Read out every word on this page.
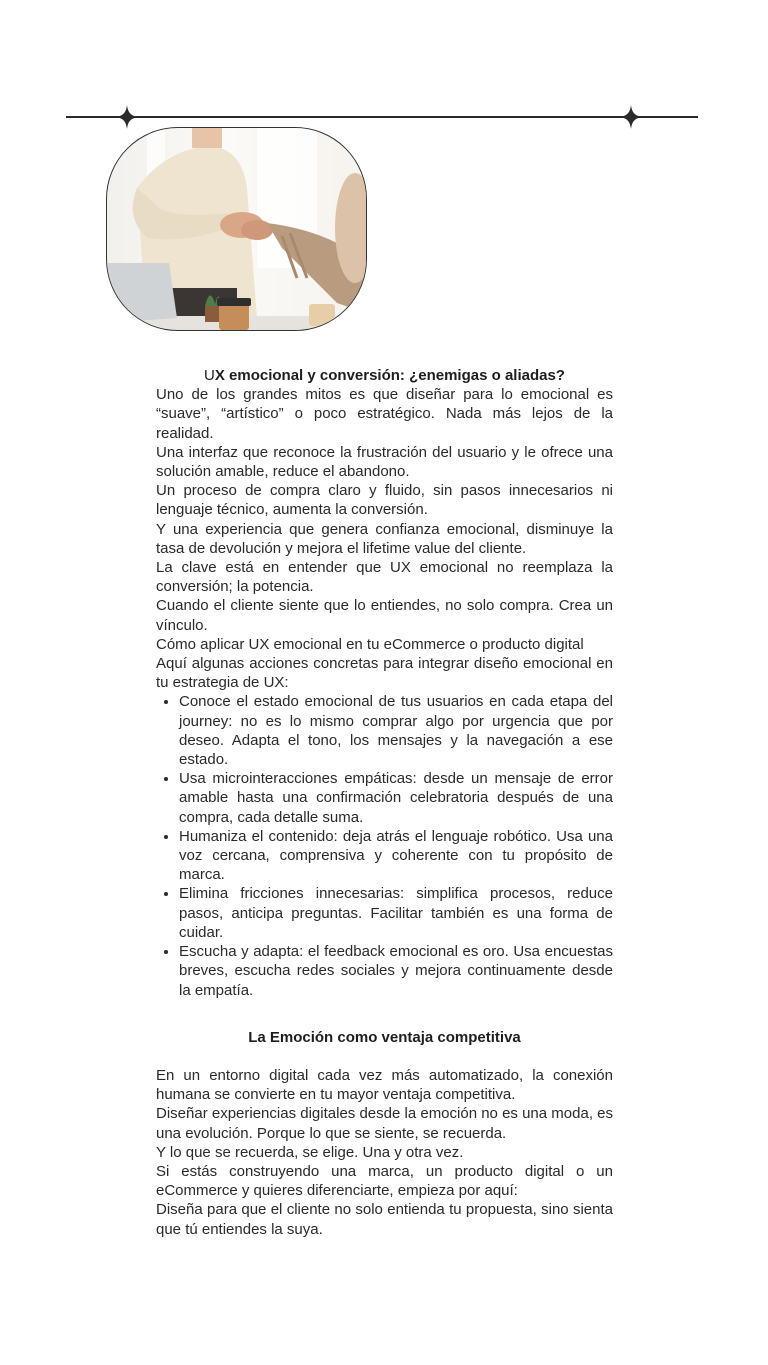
UX emocional y conversión: ¿enemigas o aliadas?

Uno de los grandes mitos es que diseñar para lo emocional es “suave”, “artístico” o poco estratégico. Nada más lejos de la realidad.

Una interfaz que reconoce la frustración del usuario y le ofrece una solución amable, reduce el abandono.

Un proceso de compra claro y fluido, sin pasos innecesarios ni lenguaje técnico, aumenta la conversión.

Y una experiencia que genera confianza emocional, disminuye la tasa de devolución y mejora el lifetime value del cliente.

La clave está en entender que UX emocional no reemplaza la conversión; la potencia.

Cuando el cliente siente que lo entiendes, no solo compra. Crea un vínculo.

Cómo aplicar UX emocional en tu eCommerce o producto digital

Aquí algunas acciones concretas para integrar diseño emocional en tu estrategia de UX:

• Conoce el estado emocional de tus usuarios en cada etapa del journey: no es lo mismo comprar algo por urgencia que por deseo. Adapta el tono, los mensajes y la navegación a ese estado.
• Usa microinteracciones empáticas: desde un mensaje de error amable hasta una confirmación celebratoria después de una compra, cada detalle suma.
• Humaniza el contenido: deja atrás el lenguaje robótico. Usa una voz cercana, comprensiva y coherente con tu propósito de marca.
• Elimina fricciones innecesarias: simplifica procesos, reduce pasos, anticipa preguntas. Facilitar también es una forma de cuidar.
• Escucha y adapta: el feedback emocional es oro. Usa encuestas breves, escucha redes sociales y mejora continuamente desde la empatía.
La Emoción como ventaja competitiva

En un entorno digital cada vez más automatizado, la conexión humana se convierte en tu mayor ventaja competitiva.

Diseñar experiencias digitales desde la emoción no es una moda, es una evolución. Porque lo que se siente, se recuerda.

Y lo que se recuerda, se elige. Una y otra vez.

Si estás construyendo una marca, un producto digital o un eCommerce y quieres diferenciarte, empieza por aquí:

Diseña para que el cliente no solo entienda tu propuesta, sino sienta que tú entiendes la suya.
